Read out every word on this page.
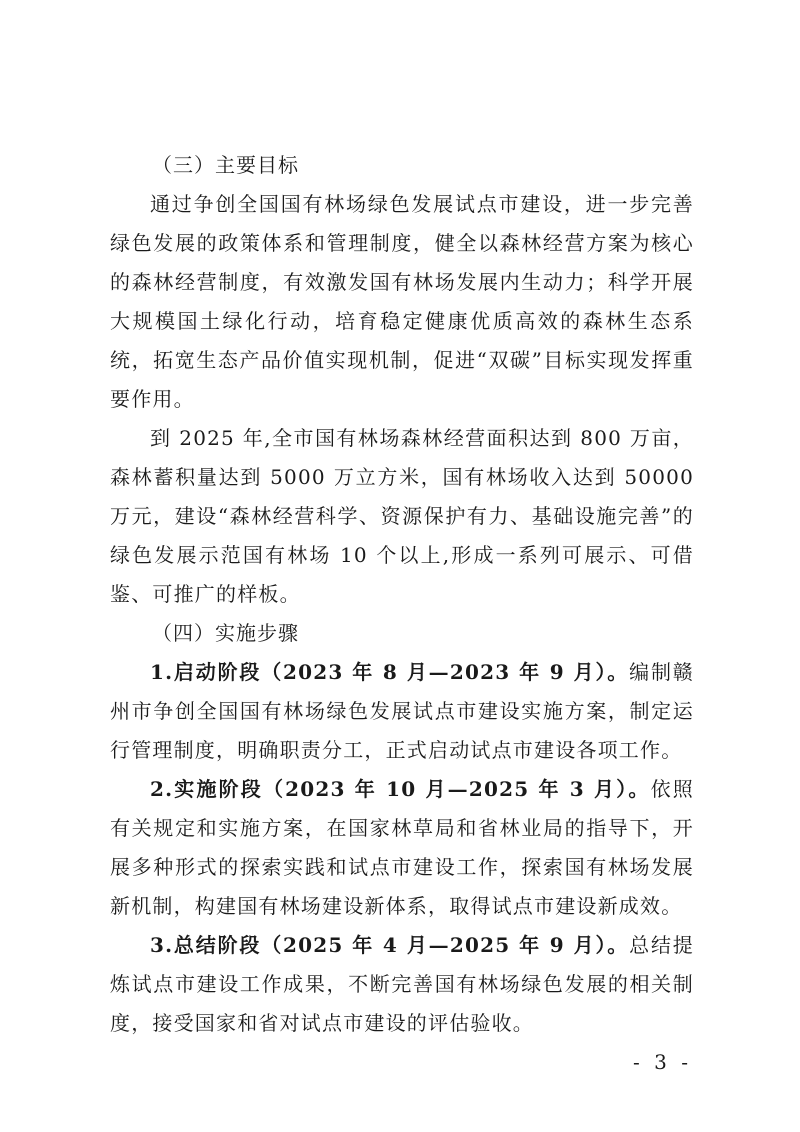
（三）主要目标

通过争创全国国有林场绿色发展试点市建设，进一步完善绿色发展的政策体系和管理制度，健全以森林经营方案为核心的森林经营制度，有效激发国有林场发展内生动力；科学开展大规模国土绿化行动，培育稳定健康优质高效的森林生态系统，拓宽生态产品价值实现机制，促进“双碳”目标实现发挥重要作用。

到 2025 年,全市国有林场森林经营面积达到 800 万亩，森林蓄积量达到 5000 万立方米，国有林场收入达到 50000 万元，建设“森林经营科学、资源保护有力、基础设施完善”的绿色发展示范国有林场 10 个以上,形成一系列可展示、可借鉴、可推广的样板。

（四）实施步骤

1.启动阶段（2023 年 8 月—2023 年 9 月）。编制赣州市争创全国国有林场绿色发展试点市建设实施方案，制定运行管理制度，明确职责分工，正式启动试点市建设各项工作。

2.实施阶段（2023 年 10 月—2025 年 3 月）。依照有关规定和实施方案，在国家林草局和省林业局的指导下，开展多种形式的探索实践和试点市建设工作，探索国有林场发展新机制，构建国有林场建设新体系，取得试点市建设新成效。

3.总结阶段（2025 年 4 月—2025 年 9 月）。总结提炼试点市建设工作成果，不断完善国有林场绿色发展的相关制度，接受国家和省对试点市建设的评估验收。

- 3 -
